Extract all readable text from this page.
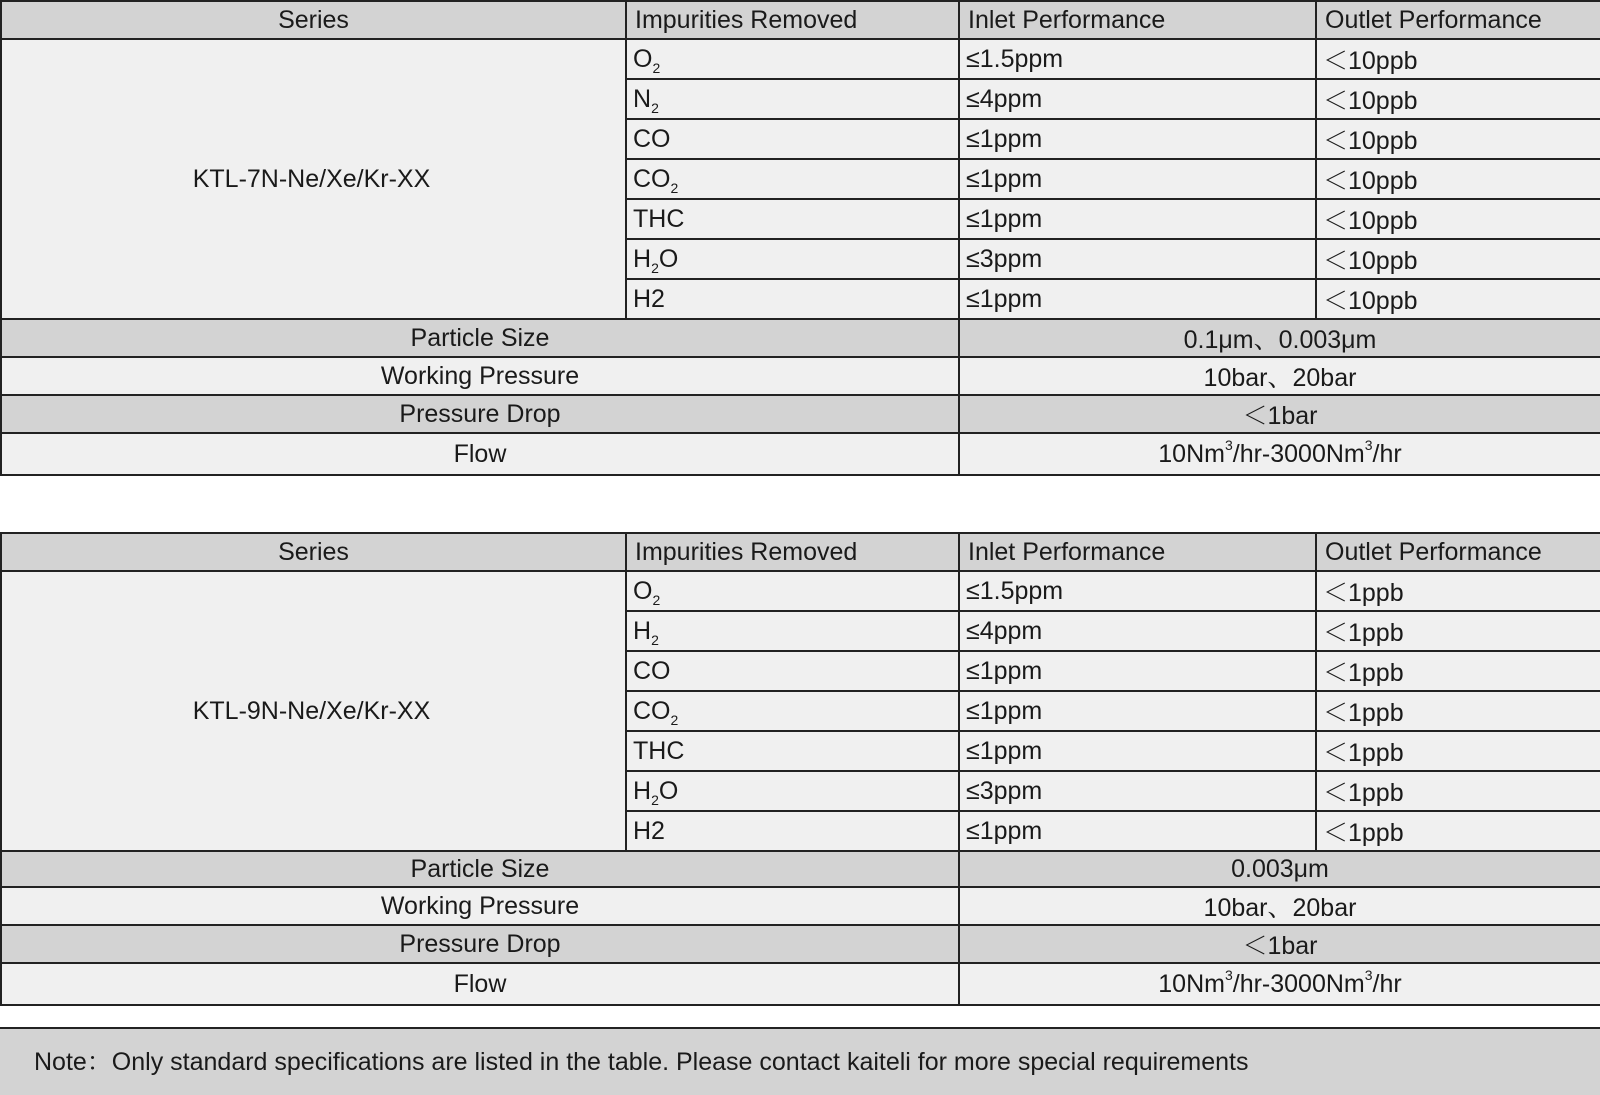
Series	Impurities Removed	Inlet Performance	Outlet Performance
KTL-7N-Ne/Xe/Kr-XX	$O_2$	≤1.5ppm	＜10ppb
	$N_2$	≤4ppm	＜10ppb
	CO	≤1ppm	＜10ppb
	$CO_2$	≤1ppm	＜10ppb
	THC	≤1ppm	＜10ppb
	$H_2O$	≤3ppm	＜10ppb
	H2	≤1ppm	＜10ppb
Particle Size		0.1μm、0.003μm	
Working Pressure		10bar、20bar	
Pressure Drop		＜1bar	
Flow		10Nm$^3$/hr-3000Nm$^3$/hr	
Series	Impurities Removed	Inlet Performance	Outlet Performance
KTL-9N-Ne/Xe/Kr-XX	$O_2$	≤1.5ppm	＜1ppb
	$H_2$	≤4ppm	＜1ppb
	CO	≤1ppm	＜1ppb
	$CO_2$	≤1ppm	＜1ppb
	THC	≤1ppm	＜1ppb
	$H_2O$	≤3ppm	＜1ppb
	H2	≤1ppm	＜1ppb
Particle Size		0.003μm	
Working Pressure		10bar、20bar	
Pressure Drop		＜1bar	
Flow		10Nm$^3$/hr-3000Nm$^3$/hr	
Note：Only standard specifications are listed in the table. Please contact kaiteli for more special requirements
